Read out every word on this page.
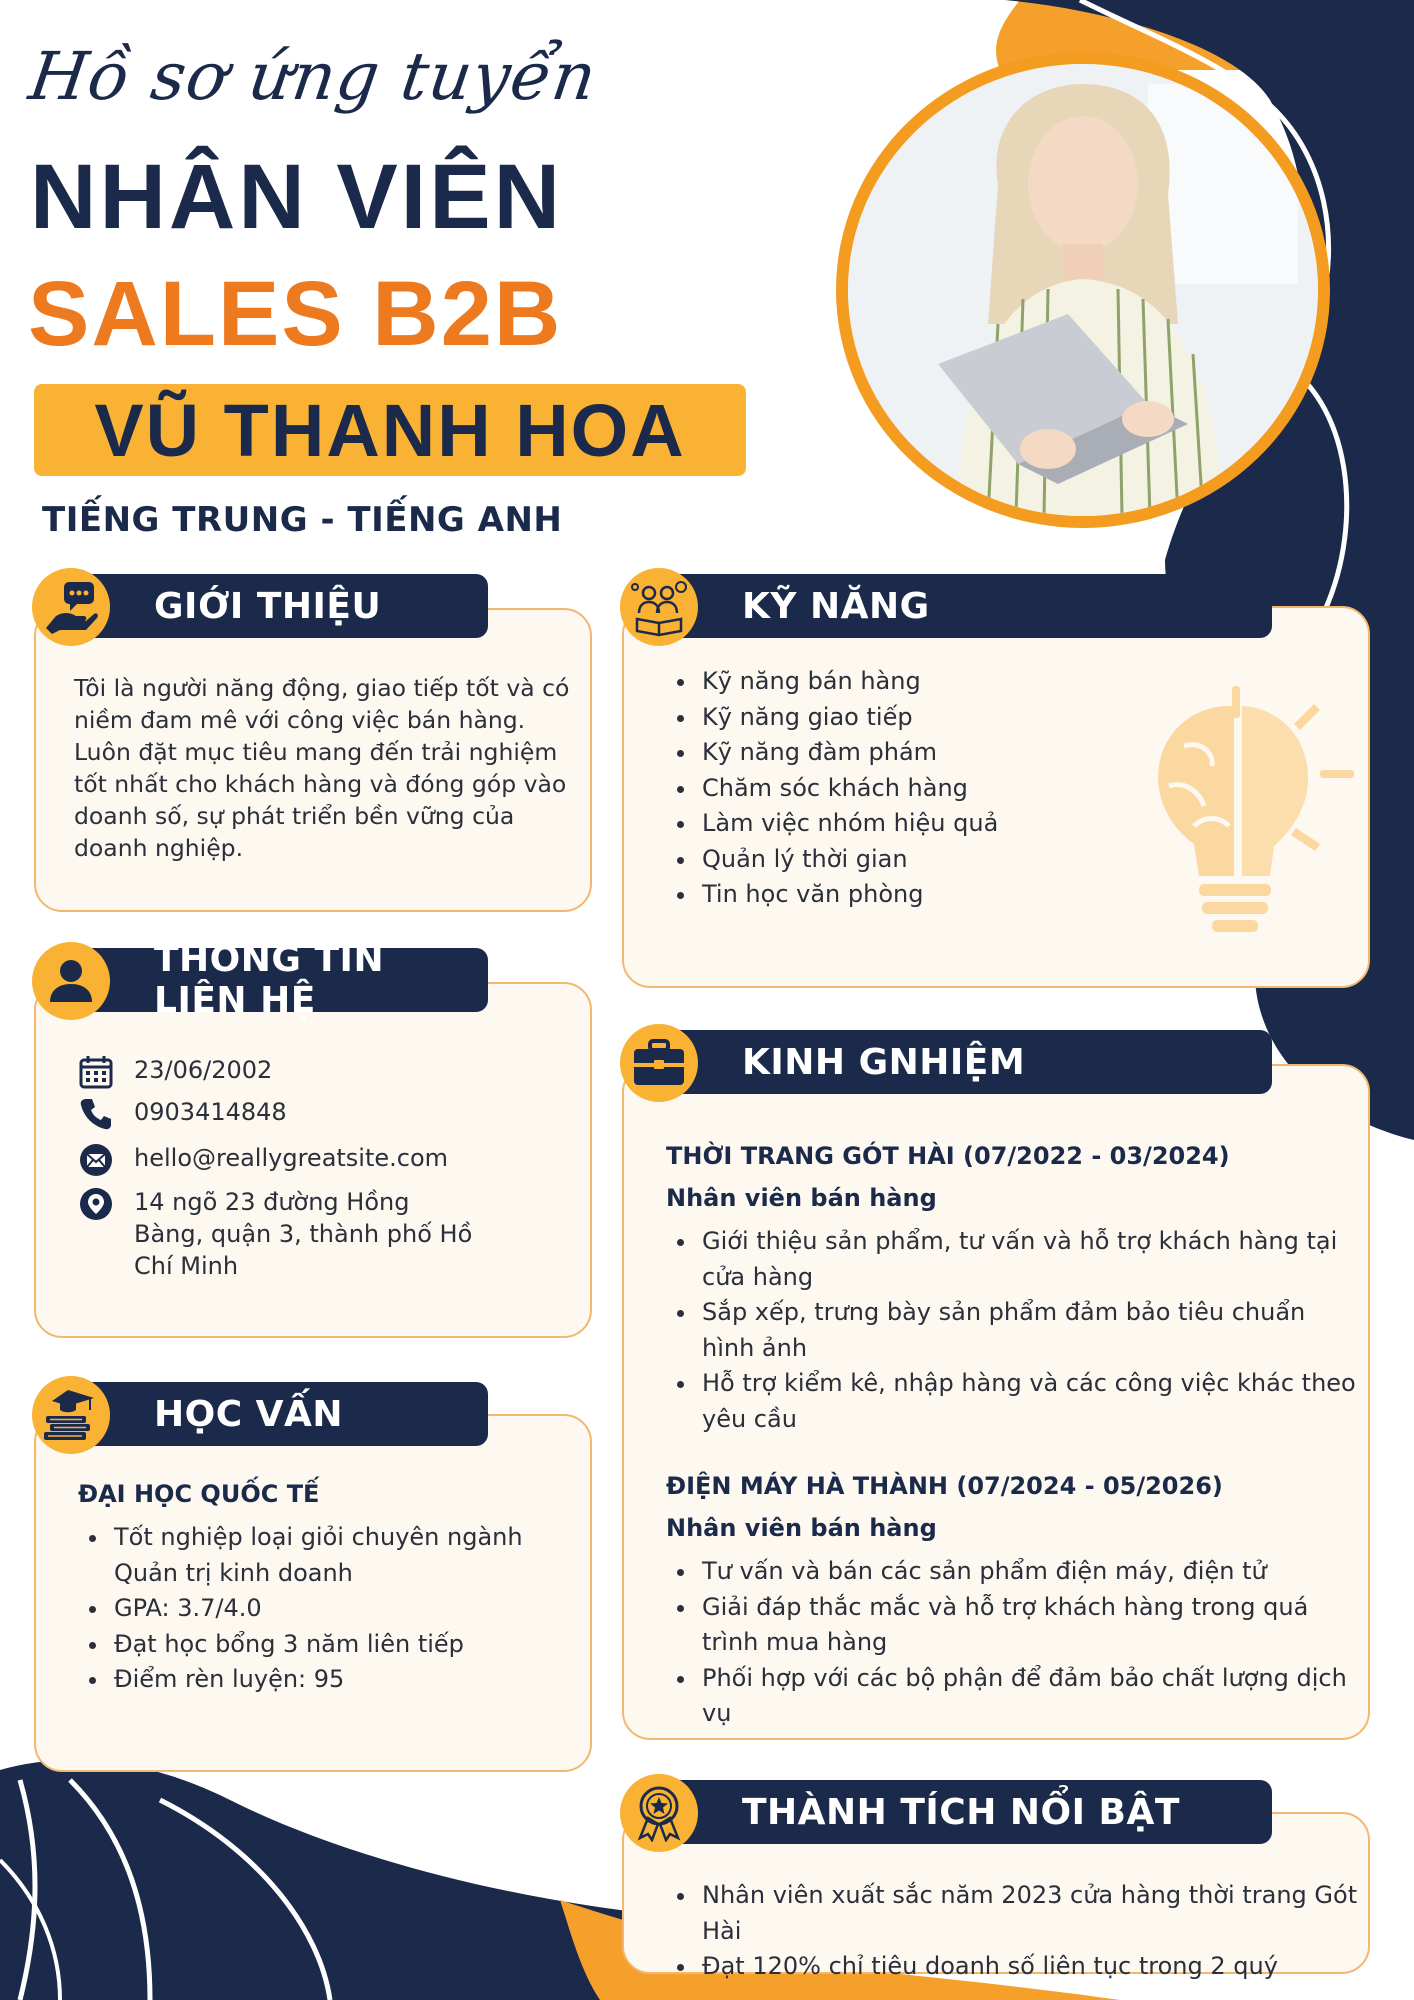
Hồ sơ ứng tuyển
NHÂN VIÊN
SALES B2B
VŨ THANH HOA
TIẾNG TRUNG - TIẾNG ANH
Tôi là người năng động, giao tiếp tốt và có niềm đam mê với công việc bán hàng. Luôn đặt mục tiêu mang đến trải nghiệm tốt nhất cho khách hàng và đóng góp vào doanh số, sự phát triển bền vững của doanh nghiệp.
GIỚI THIỆU
23/06/2002
0903414848
hello@reallygreatsite.com
14 ngõ 23 đường Hồng Bàng, quận 3, thành phố Hồ Chí Minh
THÔNG TIN LIÊN HỆ
ĐẠI HỌC QUỐC TẾ
• Tốt nghiệp loại giỏi chuyên ngành Quản trị kinh doanh
• GPA: 3.7/4.0
• Đạt học bổng 3 năm liên tiếp
• Điểm rèn luyện: 95
HỌC VẤN
• Kỹ năng bán hàng
• Kỹ năng giao tiếp
• Kỹ năng đàm phám
• Chăm sóc khách hàng
• Làm việc nhóm hiệu quả
• Quản lý thời gian
• Tin học văn phòng
KỸ NĂNG
THỜI TRANG GÓT HÀI (07/2022 - 03/2024)
Nhân viên bán hàng
• Giới thiệu sản phẩm, tư vấn và hỗ trợ khách hàng tại cửa hàng
• Sắp xếp, trưng bày sản phẩm đảm bảo tiêu chuẩn hình ảnh
• Hỗ trợ kiểm kê, nhập hàng và các công việc khác theo yêu cầu
ĐIỆN MÁY HÀ THÀNH (07/2024 - 05/2026)
Nhân viên bán hàng
• Tư vấn và bán các sản phẩm điện máy, điện tử
• Giải đáp thắc mắc và hỗ trợ khách hàng trong quá trình mua hàng
• Phối hợp với các bộ phận để đảm bảo chất lượng dịch vụ
KINH GNHIỆM
• Nhân viên xuất sắc năm 2023 cửa hàng thời trang Gót Hài
• Đạt 120% chỉ tiêu doanh số liên tục trong 2 quý
THÀNH TÍCH NỔI BẬT
